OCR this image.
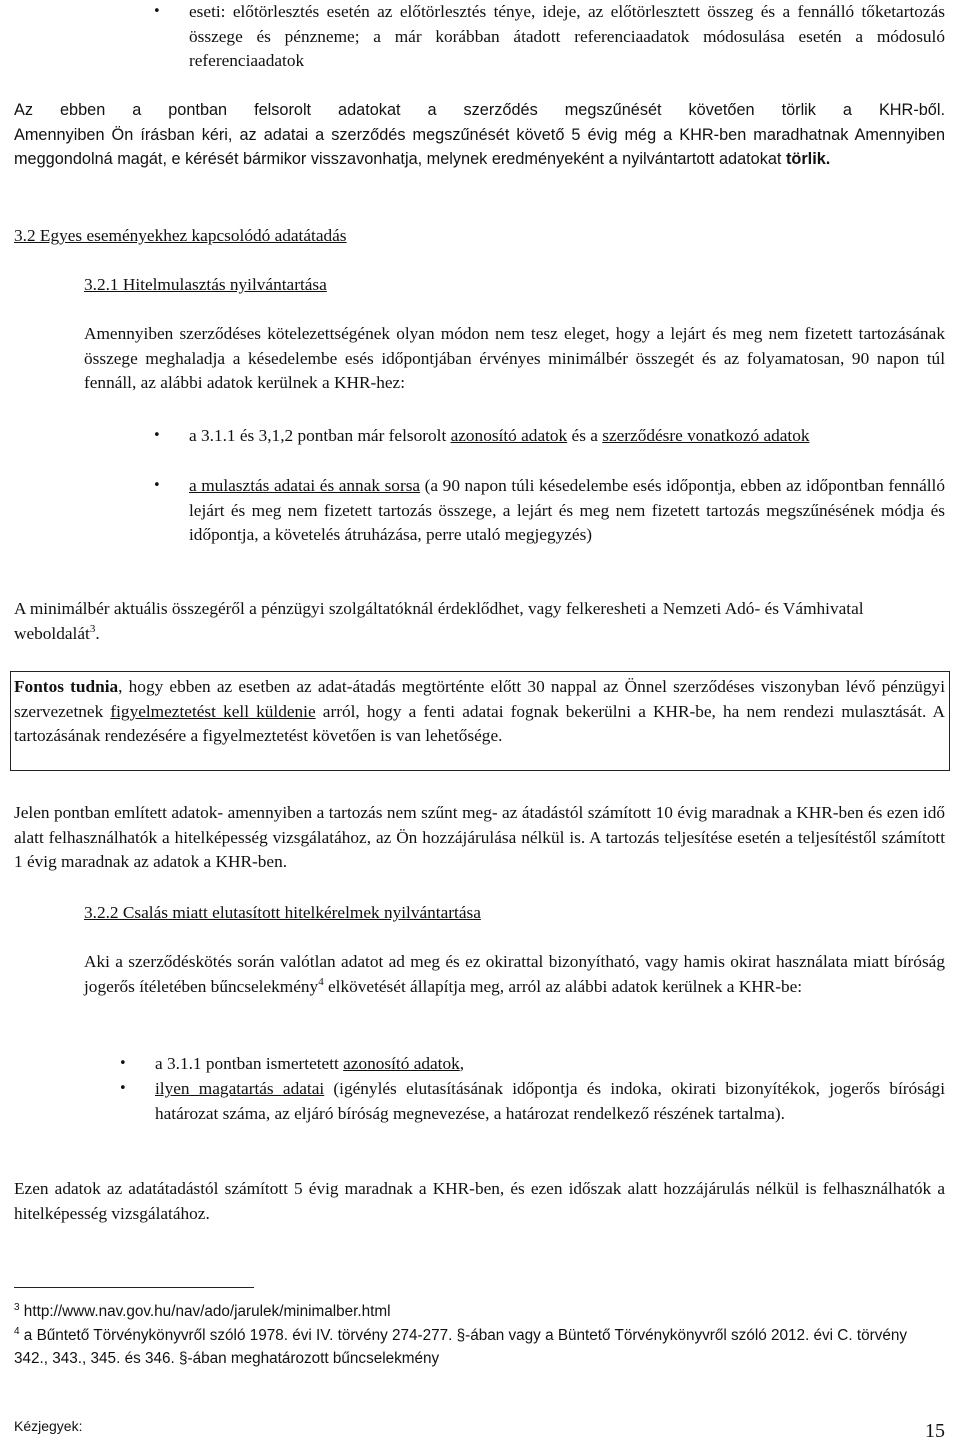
• eseti: előtörlesztés esetén az előtörlesztés ténye, ideje, az előtörlesztett összeg és a fennálló tőketartozás összege és pénzneme; a már korábban átadott referenciaadatok módosulása esetén a módosuló referenciaadatok

Az ebben a pontban felsorolt adatokat a szerződés megszűnését követően törlik a KHR-ből.
Amennyiben Ön írásban kéri, az adatai a szerződés megszűnését követő 5 évig még a KHR-ben maradhatnak Amennyiben meggondolná magát, e kérését bármikor visszavonhatja, melynek eredményeként a nyilvántartott adatokat törlik.

3.2 Egyes eseményekhez kapcsolódó adatátadás

3.2.1 Hitelmulasztás nyilvántartása

Amennyiben szerződéses kötelezettségének olyan módon nem tesz eleget, hogy a lejárt és meg nem fizetett tartozásának összege meghaladja a késedelembe esés időpontjában érvényes minimálbér összegét és az folyamatosan, 90 napon túl fennáll, az alábbi adatok kerülnek a KHR-hez:

• a 3.1.1 és 3,1,2 pontban már felsorolt azonosító adatok és a szerződésre vonatkozó adatok

• a mulasztás adatai és annak sorsa (a 90 napon túli késedelembe esés időpontja, ebben az időpontban fennálló lejárt és meg nem fizetett tartozás összege, a lejárt és meg nem fizetett tartozás megszűnésének módja és időpontja, a követelés átruházása, perre utaló megjegyzés)

A minimálbér aktuális összegéről a pénzügyi szolgáltatóknál érdeklődhet, vagy felkeresheti a Nemzeti Adó- és Vámhivatal weboldalát$^3$.

Fontos tudnia, hogy ebben az esetben az adat-átadás megtörténte előtt 30 nappal az Önnel szerződéses viszonyban lévő pénzügyi szervezetnek figyelmeztetést kell küldenie arról, hogy a fenti adatai fognak bekerülni a KHR-be, ha nem rendezi mulasztását. A tartozásának rendezésére a figyelmeztetést követően is van lehetősége.

Jelen pontban említett adatok- amennyiben a tartozás nem szűnt meg- az átadástól számított 10 évig maradnak a KHR-ben és ezen idő alatt felhasználhatók a hitelképesség vizsgálatához, az Ön hozzájárulása nélkül is. A tartozás teljesítése esetén a teljesítéstől számított 1 évig maradnak az adatok a KHR-ben.

3.2.2 Csalás miatt elutasított hitelkérelmek nyilvántartása

Aki a szerződéskötés során valótlan adatot ad meg és ez okirattal bizonyítható, vagy hamis okirat használata miatt bíróság jogerős ítéletében bűncselekmény$^4$ elkövetését állapítja meg, arról az alábbi adatok kerülnek a KHR-be:

• a 3.1.1 pontban ismertetett azonosító adatok,

• ilyen magatartás adatai (igénylés elutasításának időpontja és indoka, okirati bizonyítékok, jogerős bírósági határozat száma, az eljáró bíróság megnevezése, a határozat rendelkező részének tartalma).

Ezen adatok az adatátadástól számított 5 évig maradnak a KHR-ben, és ezen időszak alatt hozzájárulás nélkül is felhasználhatók a hitelképesség vizsgálatához.

$^3$ http://www.nav.gov.hu/nav/ado/jarulek/minimalber.html

$^4$ a Bűntető Törvénykönyvről szóló 1978. évi IV. törvény 274-277. §-ában vagy a Büntető Törvénykönyvről szóló 2012. évi C. törvény 342., 343., 345. és 346. §-ában meghatározott bűncselekmény

Kézjegyek:	15
